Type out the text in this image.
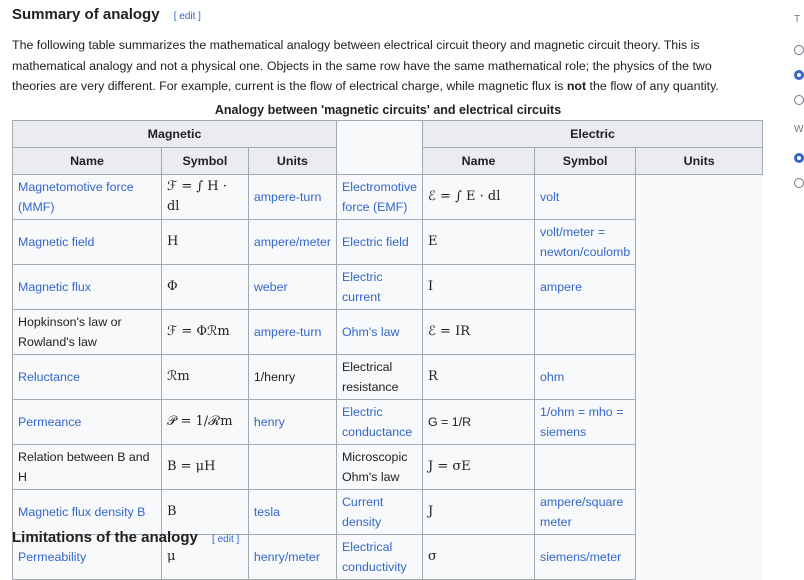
Summary of analogy [ edit ]

The following table summarizes the mathematical analogy between electrical circuit theory and magnetic circuit theory. This is mathematical analogy and not a physical one. Objects in the same row have the same mathematical role; the physics of the two theories are very different. For example, current is the flow of electrical charge, while magnetic flux is not the flow of any quantity.

Analogy between 'magnetic circuits' and electrical circuits
Magnetic				Electric		
Name	Symbol	Units		Name	Symbol	Units
Magnetomotive force (MMF)	ℱ = ∫ H · dl	ampere-turn	Electromotive force (EMF)	ℰ = ∫ E · dl	volt	
Magnetic field	H	ampere/meter	Electric field	E	volt/meter = newton/coulomb	
Magnetic flux	Φ	weber	Electric current	I	ampere	
Hopkinson's law or Rowland's law	ℱ = Φℛm	ampere-turn	Ohm's law	ℰ = IR		
Reluctance	ℛm	1/henry	Electrical resistance	R	ohm	
Permeance	𝒫 = 1/ℛm	henry	Electric conductance	G = 1/R	1/ohm = mho = siemens	
Relation between B and H	B = μH		Microscopic Ohm's law	J = σE		
Magnetic flux density B	B	tesla	Current density	J	ampere/square meter	
Permeability	μ	henry/meter	Electrical conductivity	σ	siemens/meter	
Limitations of the analogy [ edit ]
T
W
